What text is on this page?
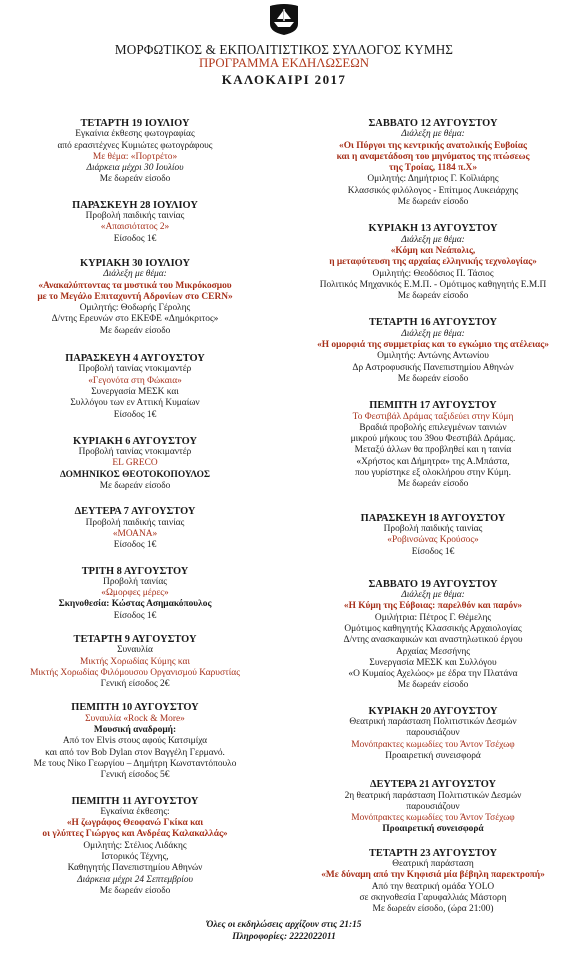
ΜΟΡΦΩΤΙΚΟΣ & ΕΚΠΟΛΙΤΙΣΤΙΚΟΣ ΣΥΛΛΟΓΟΣ ΚΥΜΗΣ
ΠΡΟΓΡΑΜΜΑ ΕΚΔΗΛΩΣΕΩΝ
ΚΑΛΟΚΑΙΡΙ 2017
ΤΕΤΑΡΤΗ 19 ΙΟΥΛΙΟΥ
Εγκαίνια έκθεσης φωτογραφίας
από ερασιτέχνες Κυμιώτες φωτογράφους
Με θέμα: «Πορτρέτο»
Διάρκεια μέχρι 30 Ιουλίου
Με δωρεάν είσοδο
ΠΑΡΑΣΚΕΥΗ 28 ΙΟΥΛΙΟΥ
Προβολή παιδικής ταινίας
«Απαισιότατος 2»
Είσοδος 1€
ΚΥΡΙΑΚΗ 30 ΙΟΥΛΙΟΥ
Διάλεξη με θέμα:
«Ανακαλύπτοντας τα μυστικά του Μικρόκοσμου
με το Μεγάλο Επιταχυντή Αδρονίων στο CERN»
Ομιλητής: Θοδωρής Γέρολης
Δ/ντης Ερευνών στο ΕΚΕΦΕ «Δημόκριτος»
Με δωρεάν είσοδο
ΠΑΡΑΣΚΕΥΗ 4 ΑΥΓΟΥΣΤΟΥ
Προβολή ταινίας ντοκιμαντέρ
«Γεγονότα στη Φώκαια»
Συνεργασία ΜΕΣΚ και
Συλλόγου των εν Αττική Κυμαίων
Είσοδος 1€
ΚΥΡΙΑΚΗ 6 ΑΥΓΟΥΣΤΟΥ
Προβολή ταινίας ντοκιμαντέρ
EL GRECO
ΔΟΜΗΝΙΚΟΣ ΘΕΟΤΟΚΟΠΟΥΛΟΣ
Με δωρεάν είσοδο
ΔΕΥΤΕΡΑ 7 ΑΥΓΟΥΣΤΟΥ
Προβολή παιδικής ταινίας
«ΜΟΑΝΑ»
Είσοδος 1€
ΤΡΙΤΗ 8 ΑΥΓΟΥΣΤΟΥ
Προβολή ταινίας
«Ωμορφες μέρες»
Σκηνοθεσία: Κώστας Ασημακόπουλος
Είσοδος 1€
ΤΕΤΑΡΤΗ 9 ΑΥΓΟΥΣΤΟΥ
Συναυλία
Μικτής Χορωδίας Κύμης και
Μικτής Χορωδίας Φιλόμουσου Οργανισμού Καρυστίας
Γενική είσοδος 2€
ΠΕΜΠΤΗ 10 ΑΥΓΟΥΣΤΟΥ
Συναυλία «Rock & More»
Μουσική αναδρομή:
Από τον Elvis στους αφούς Κατσιμίχα
και από τον Bob Dylan στον Βαγγέλη Γερμανό.
Με τους Νίκο Γεωργίου – Δημήτρη Κωνσταντόπουλο
Γενική είσοδος 5€
ΠΕΜΠΤΗ 11 ΑΥΓΟΥΣΤΟΥ
Εγκαίνια έκθεσης:
«Η ζωγράφος Θεοφανώ Γκίκα και
οι γλύπτες Γιώργος και Ανδρέας Καλακαλλάς»
Ομιλητής: Στέλιος Λιδάκης
Ιστορικός Τέχνης,
Καθηγητής Πανεπιστημίου Αθηνών
Διάρκεια μέχρι 24 Σεπτεμβρίου
Με δωρεάν είσοδο
ΣΑΒΒΑΤΟ 12 ΑΥΓΟΥΣΤΟΥ
Διάλεξη με θέμα:
«Οι Πύργοι της κεντρικής ανατολικής Ευβοίας
και η αναμετάδοση του μηνύματος της πτώσεως
της Τροίας, 1184 π.Χ»
Ομιλητής: Δημήτριος Γ. Κοϊλιάρης
Κλασσικός φιλόλογος - Επίτιμος Λυκειάρχης
Με δωρεάν είσοδο
ΚΥΡΙΑΚΗ 13 ΑΥΓΟΥΣΤΟΥ
Διάλεξη με θέμα:
«Κόμη και Νεάπολις,
η μεταφύτευση της αρχαίας ελληνικής τεχνολογίας»
Ομιλητής: Θεοδόσιος Π. Τάσιος
Πολιτικός Μηχανικός Ε.Μ.Π. - Ομότιμος καθηγητής Ε.Μ.Π
Με δωρεάν είσοδο
ΤΕΤΑΡΤΗ 16 ΑΥΓΟΥΣΤΟΥ
Διάλεξη με θέμα:
«Η ομορφιά της συμμετρίας και το εγκώμιο της ατέλειας»
Ομιλητής: Αντώνης Αντωνίου
Δρ Αστροφυσικής Πανεπιστημίου Αθηνών
Με δωρεάν είσοδο
ΠΕΜΠΤΗ 17 ΑΥΓΟΥΣΤΟΥ
Το Φεστιβάλ Δράμας ταξιδεύει στην Κύμη
Βραδιά προβολής επιλεγμένων ταινιών
μικρού μήκους του 39ου Φεστιβάλ Δράμας.
Μεταξύ άλλων θα προβληθεί και η ταινία
«Χρήστος και Δήμητρα» της Α.Μπάστα,
που γυρίστηκε εξ ολοκλήρου στην Κύμη.
Με δωρεάν είσοδο
ΠΑΡΑΣΚΕΥΗ 18 ΑΥΓΟΥΣΤΟΥ
Προβολή παιδικής ταινίας
«Ροβινσώνας Κρούσος»
Είσοδος 1€
ΣΑΒΒΑΤΟ 19 ΑΥΓΟΥΣΤΟΥ
Διάλεξη με θέμα:
«Η Κύμη της Εύβοιας: παρελθόν και παρόν»
Ομιλήτρια: Πέτρος Γ. Θέμελης
Ομότιμος καθηγητής Κλασσικής Αρχαιολογίας
Δ/ντης ανασκαφικών και αναστηλωτικού έργου
Αρχαίας Μεσσήνης
Συνεργασία ΜΕΣΚ και Συλλόγου
«Ο Κυμαίος Αχελώος» με έδρα την Πλατάνα
Με δωρεάν είσοδο
ΚΥΡΙΑΚΗ 20 ΑΥΓΟΥΣΤΟΥ
Θεατρική παράσταση Πολιτιστικών Δεσμών
παρουσιάζουν
Μονόπρακτες κωμωδίες του Άντον Τσέχωφ
Προαιρετική συνεισφορά
ΔΕΥΤΕΡΑ 21 ΑΥΓΟΥΣΤΟΥ
2η θεατρική παράσταση Πολιτιστικών Δεσμών
παρουσιάζουν
Μονόπρακτες κωμωδίες του Άντον Τσέχωφ
Προαιρετική συνεισφορά
ΤΕΤΑΡΤΗ 23 ΑΥΓΟΥΣΤΟΥ
Θεατρική παράσταση
«Με δύναμη από την Κηφισιά μία βέβηλη παρεκτροπή»
Από την θεατρική ομάδα YOLO
σε σκηνοθεσία Γαρυφαλλιάς Μάστορη
Με δωρεάν είσοδο, (ώρα 21:00)
Όλες οι εκδηλώσεις αρχίζουν στις 21:15
Πληροφορίες: 2222022011
